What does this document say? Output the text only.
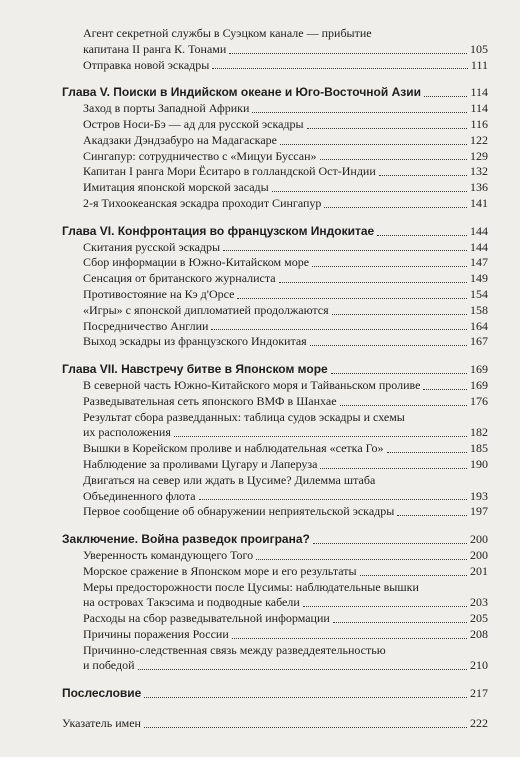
Агент секретной службы в Суэцком канале — прибытие
капитана II ранга К. Тонами	105
Отправка новой эскадры	111
Глава V. Поиски в Индийском океане и Юго-Восточной Азии	114
Заход в порты Западной Африки	114
Остров Носи-Бэ — ад для русской эскадры	116
Акадзаки Дэндзабуро на Мадагаскаре	122
Сингапур: сотрудничество с «Мицуи Буссан»	129
Капитан I ранга Мори Ёситаро в голландской Ост-Индии	132
Имитация японской морской засады	136
2-я Тихоокеанская эскадра проходит Сингапур	141
Глава VI. Конфронтация во французском Индокитае	144
Скитания русской эскадры	144
Сбор информации в Южно-Китайском море	147
Сенсация от британского журналиста	149
Противостояние на Кэ д'Орсе	154
«Игры» с японской дипломатией продолжаются	158
Посредничество Англии	164
Выход эскадры из французского Индокитая	167
Глава VII. Навстречу битве в Японском море	169
В северной часть Южно-Китайского моря и Тайваньском проливе	169
Разведывательная сеть японского ВМФ в Шанхае	176
Результат сбора разведданных: таблица судов эскадры и схемы
их расположения	182
Вышки в Корейском проливе и наблюдательная «сетка Го»	185
Наблюдение за проливами Цугару и Лаперуза	190
Двигаться на север или ждать в Цусиме? Дилемма штаба
Объединенного флота	193
Первое сообщение об обнаружении неприятельской эскадры	197
Заключение. Война разведок проиграна?	200
Уверенность командующего Того	200
Морское сражение в Японском море и его результаты	201
Меры предосторожности после Цусимы: наблюдательные вышки
на островах Такэсима и подводные кабели	203
Расходы на сбор разведывательной информации	205
Причины поражения России	208
Причинно-следственная связь между разведдеятельностью
и победой	210
Послесловие	217
Указатель имен	222
